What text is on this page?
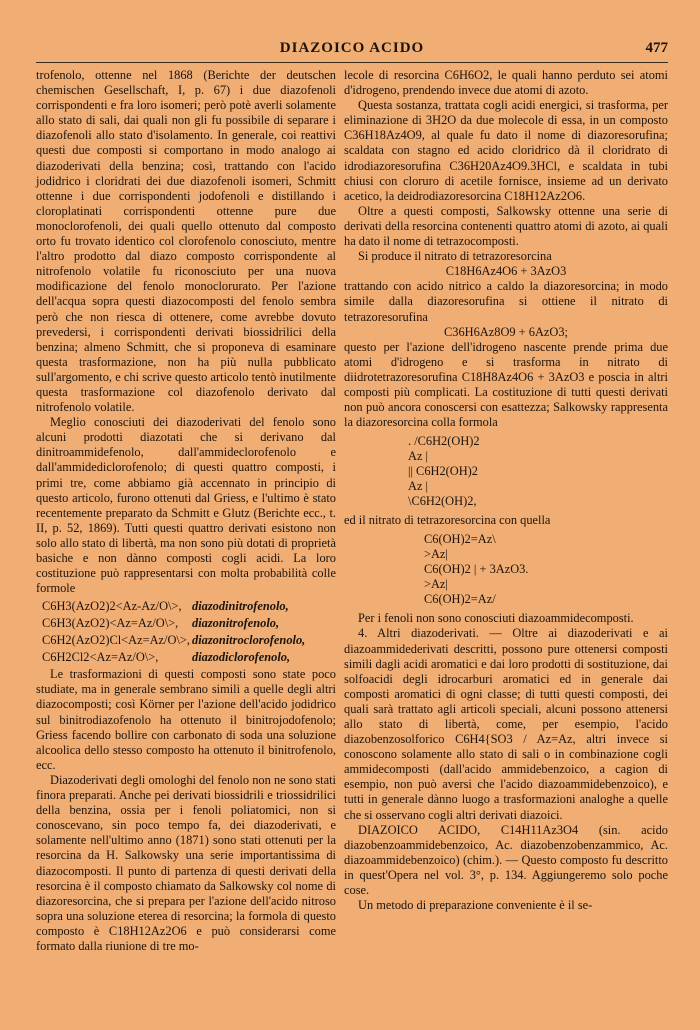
DIAZOICO ACIDO	477

trofenolo, ottenne nel 1868 (Berichte der deutschen chemischen Gesellschaft, I, p. 67) i due diazofenoli corrispondenti e fra loro isomeri; però potè averli solamente allo stato di sali, dai quali non gli fu possibile di separare i diazofenoli allo stato d'isolamento. In generale, coi reattivi questi due composti si comportano in modo analogo ai diazoderivati della benzina; così, trattando con l'acido jodidrico i cloridrati dei due diazofenoli isomeri, Schmitt ottenne i due corrispondenti jodofenoli e distillando i cloroplatinati corrispondenti ottenne pure due monoclorofenoli, dei quali quello ottenuto dal composto orto fu trovato identico col clorofenolo conosciuto, mentre l'altro prodotto dal diazo composto corrispondente al nitrofenolo volatile fu riconosciuto per una nuova modificazione del fenolo monoclorurato. Per l'azione dell'acqua sopra questi diazocomposti del fenolo sembra però che non riesca di ottenere, come avrebbe dovuto prevedersi, i corrispondenti derivati biossidrilici della benzina; almeno Schmitt, che si proponeva di esaminare questa trasformazione, non ha più nulla pubblicato sull'argomento, e chi scrive questo articolo tentò inutilmente questa trasformazione col diazofenolo derivato dal nitrofenolo volatile.

Meglio conosciuti dei diazoderivati del fenolo sono alcuni prodotti diazotati che si derivano dal dinitroammidefenolo, dall'ammideclorofenolo e dall'ammidediclorofenolo; di questi quattro composti, i primi tre, come abbiamo già accennato in principio di questo articolo, furono ottenuti dal Griess, e l'ultimo è stato recentemente preparato da Schmitt e Glutz (Berichte ecc., t. II, p. 52, 1869). Tutti questi quattro derivati esistono non solo allo stato di libertà, ma non sono più dotati di proprietà basiche e non dànno composti cogli acidi. La loro costituzione può rappresentarsi con molta probabilità colle formole

C6H3(AzO2)2<Az-Az/O\>, diazodinitrofenolo,
C6H3(AzO2)<Az=Az/O\>,	diazonitrofenolo,
C6H2(AzO2)Cl<Az=Az/O\>, diazonitroclorofenolo,
C6H2Cl2<Az=Az/O\>,	diazodiclorofenolo,

Le trasformazioni di questi composti sono state poco studiate, ma in generale sembrano simili a quelle degli altri diazocomposti; così Körner per l'azione dell'acido jodidrico sul binitrodiazofenolo ha ottenuto il binitrojodofenolo; Griess facendo bollire con carbonato di soda una soluzione alcoolica dello stesso composto ha ottenuto il binitrofenolo, ecc.

Diazoderivati degli omologhi del fenolo non ne sono stati finora preparati. Anche pei derivati biossidrili e triossidrilici della benzina, ossia per i fenoli poliatomici, non si conoscevano, sin poco tempo fa, dei diazoderivati, e solamente nell'ultimo anno (1871) sono stati ottenuti per la resorcina da H. Salkowsky una serie importantissima di diazocomposti. Il punto di partenza di questi derivati della resorcina è il composto chiamato da Salkowsky col nome di diazoresorcina, che si prepara per l'azione dell'acido nitroso sopra una soluzione eterea di resorcina; la formola di questo composto è C18H12Az2O6 e può considerarsi come formato dalla riunione di tre mo-

lecole di resorcina C6H6O2, le quali hanno perduto sei atomi d'idrogeno, prendendo invece due atomi di azoto.

Questa sostanza, trattata cogli acidi energici, si trasforma, per eliminazione di 3H2O da due molecole di essa, in un composto C36H18Az4O9, al quale fu dato il nome di diazoresorufina; scaldata con stagno ed acido cloridrico dà il cloridrato di idrodiazoresorufina C36H20Az4O9.3HCl, e scaldata in tubi chiusi con cloruro di acetile fornisce, insieme ad un derivato acetico, la deidrodiazoresorcina C18H12Az2O6.

Oltre a questi composti, Salkowsky ottenne una serie di derivati della resorcina contenenti quattro atomi di azoto, ai quali ha dato il nome di tetrazocomposti.

Si produce il nitrato di tetrazoresorcina

C18H6Az4O6 + 3AzO3

trattando con acido nitrico a caldo la diazoresorcina; in modo simile dalla diazoresorufina si ottiene il nitrato di tetrazoresorufina

C36H6Az8O9 + 6AzO3;

questo per l'azione dell'idrogeno nascente prende prima due atomi d'idrogeno e si trasforma in nitrato di diidrotetrazoresorufina C18H8Az4O6 + 3AzO3 e poscia in altri composti più complicati. La costituzione di tutti questi derivati non può ancora conoscersi con esattezza; Salkowsky rappresenta la diazoresorcina colla formola

. /C6H2(OH)2
Az |
|| C6H2(OH)2
Az |
\C6H2(OH)2,

ed il nitrato di tetrazoresorcina con quella

C6(OH)2=Az\
>Az|
C6(OH)2 | + 3AzO3.
>Az|
C6(OH)2=Az/

Per i fenoli non sono conosciuti diazoammidecomposti.

4. Altri diazoderivati. — Oltre ai diazoderivati e ai diazoammidederivati descritti, possono pure ottenersi composti simili dagli acidi aromatici e dai loro prodotti di sostituzione, dai solfoacidi degli idrocarburi aromatici ed in generale dai composti aromatici di ogni classe; di tutti questi composti, dei quali sarà trattato agli articoli speciali, alcuni possono attenersi allo stato di libertà, come, per esempio, l'acido diazobenzosolforico C6H4{SO3 / Az=Az, altri invece si conoscono solamente allo stato di sali o in combinazione cogli ammidecomposti (dall'acido ammidebenzoico, a cagion di esempio, non può aversi che l'acido diazoammidebenzoico), e tutti in generale dànno luogo a trasformazioni analoghe a quelle che si osservano cogli altri derivati diazoici.

DIAZOICO ACIDO, C14H11Az3O4 (sin. acido diazobenzoammidebenzoico, Ac. diazobenzobenzammico, Ac. diazoammidebenzoico) (chim.). — Questo composto fu descritto in quest'Opera nel vol. 3°, p. 134. Aggiungeremo solo poche cose.

Un metodo di preparazione conveniente è il se-
